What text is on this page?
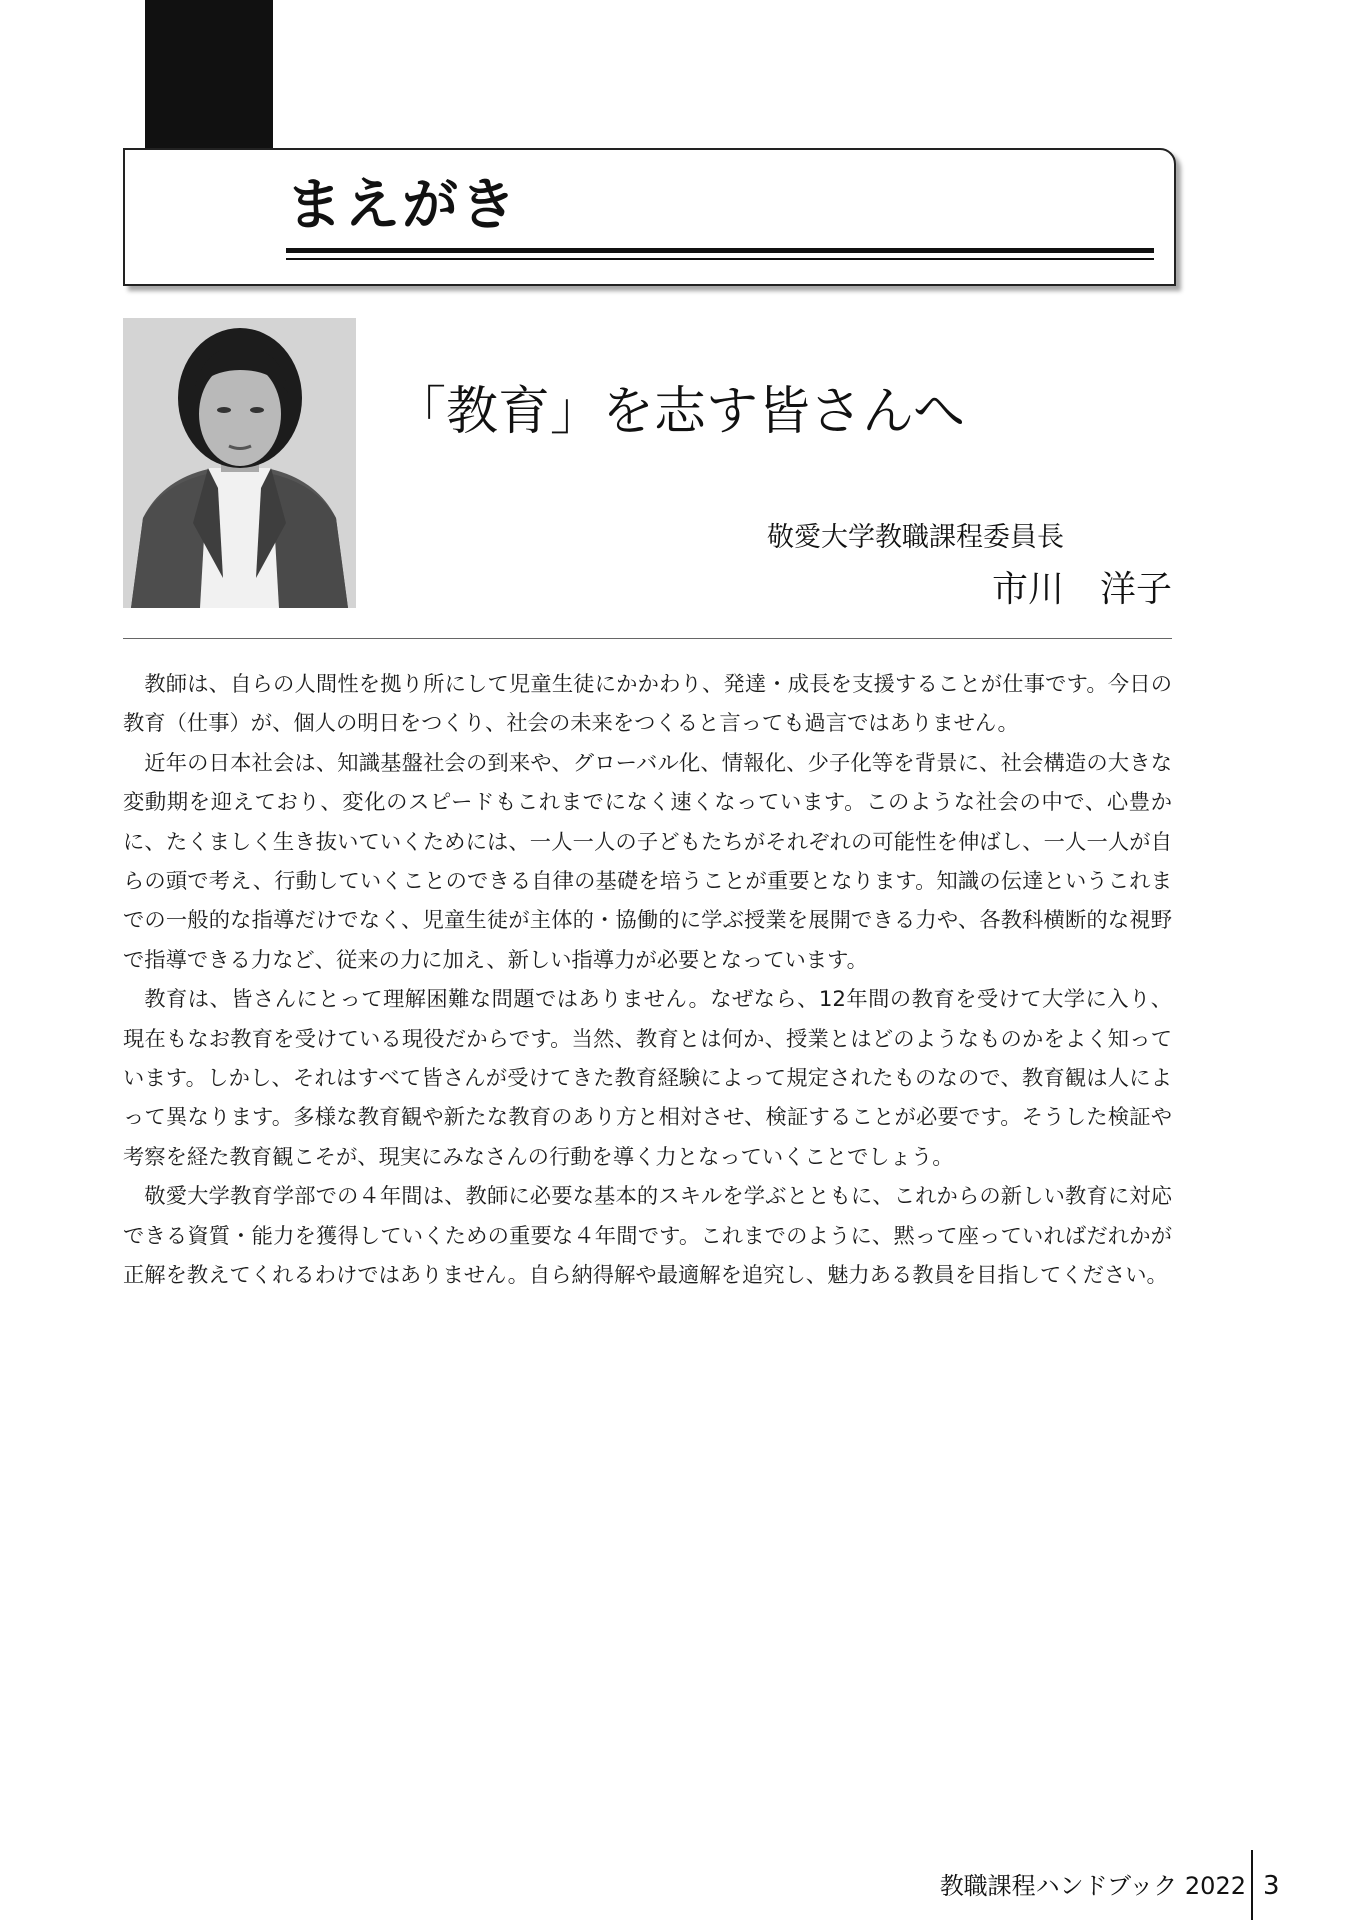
2 まえがき
「教育」を志す皆さんへ
敬愛大学教職課程委員長
市川　洋子

教師は、自らの人間性を拠り所にして児童生徒にかかわり、発達・成長を支援することが仕事です。今日の教育（仕事）が、個人の明日をつくり、社会の未来をつくると言っても過言ではありません。

近年の日本社会は、知識基盤社会の到来や、グローバル化、情報化、少子化等を背景に、社会構造の大きな変動期を迎えており、変化のスピードもこれまでになく速くなっています。このような社会の中で、心豊かに、たくましく生き抜いていくためには、一人一人の子どもたちがそれぞれの可能性を伸ばし、一人一人が自らの頭で考え、行動していくことのできる自律の基礎を培うことが重要となります。知識の伝達というこれまでの一般的な指導だけでなく、児童生徒が主体的・協働的に学ぶ授業を展開できる力や、各教科横断的な視野で指導できる力など、従来の力に加え、新しい指導力が必要となっています。

教育は、皆さんにとって理解困難な問題ではありません。なぜなら、12年間の教育を受けて大学に入り、現在もなお教育を受けている現役だからです。当然、教育とは何か、授業とはどのようなものかをよく知っています。しかし、それはすべて皆さんが受けてきた教育経験によって規定されたものなので、教育観は人によって異なります。多様な教育観や新たな教育のあり方と相対させ、検証することが必要です。そうした検証や考察を経た教育観こそが、現実にみなさんの行動を導く力となっていくことでしょう。

敬愛大学教育学部での４年間は、教師に必要な基本的スキルを学ぶとともに、これからの新しい教育に対応できる資質・能力を獲得していくための重要な４年間です。これまでのように、黙って座っていればだれかが正解を教えてくれるわけではありません。自ら納得解や最適解を追究し、魅力ある教員を目指してください。

教職課程ハンドブック 2022 3
